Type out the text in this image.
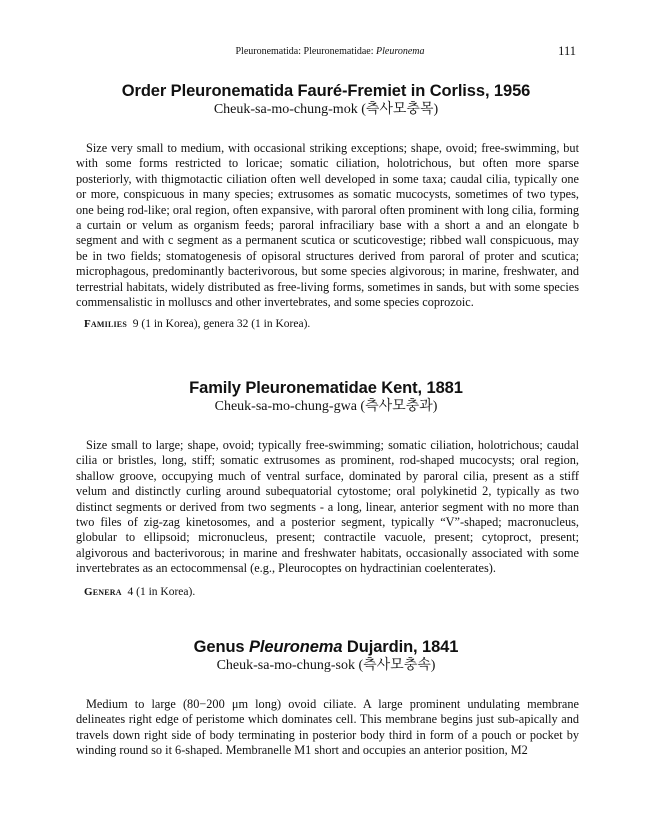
Pleuronematida: Pleuronematidae: Pleuronema	111
Order Pleuronematida Fauré-Fremiet in Corliss, 1956
Cheuk-sa-mo-chung-mok (측사모충목)

Size very small to medium, with occasional striking exceptions; shape, ovoid; free-swimming, but with some forms restricted to loricae; somatic ciliation, holotrichous, but often more sparse posteriorly, with thigmotactic ciliation often well developed in some taxa; caudal cilia, typically one or more, conspicuous in many species; extrusomes as somatic mucocysts, sometimes of two types, one being rod-like; oral region, often expansive, with paroral often prominent with long cilia, forming a curtain or velum as organism feeds; paroral infraciliary base with a short a and an elongate b segment and with c segment as a permanent scutica or scuticovestige; ribbed wall conspicuous, may be in two fields; stomatogenesis of opisoral structures derived from paroral of proter and scutica; microphagous, predominantly bacterivorous, but some species algivorous; in marine, freshwater, and terrestrial habitats, widely distributed as free-living forms, sometimes in sands, but with some species commensalistic in molluscs and other invertebrates, and some species coprozoic.

Families 9 (1 in Korea), genera 32 (1 in Korea).
Family Pleuronematidae Kent, 1881
Cheuk-sa-mo-chung-gwa (측사모충과)

Size small to large; shape, ovoid; typically free-swimming; somatic ciliation, holotrichous; caudal cilia or bristles, long, stiff; somatic extrusomes as prominent, rod-shaped mucocysts; oral region, shallow groove, occupying much of ventral surface, dominated by paroral cilia, present as a stiff velum and distinctly curling around subequatorial cytostome; oral polykinetid 2, typically as two distinct segments or derived from two segments - a long, linear, anterior segment with no more than two files of zig-zag kinetosomes, and a posterior segment, typically “V”-shaped; macronucleus, globular to ellipsoid; micronucleus, present; contractile vacuole, present; cytoproct, present; algivorous and bacterivorous; in marine and freshwater habitats, occasionally associated with some invertebrates as an ectocommensal (e.g., Pleurocoptes on hydractinian coelenterates).

Genera 4 (1 in Korea).
Genus Pleuronema Dujardin, 1841
Cheuk-sa-mo-chung-sok (측사모충속)

Medium to large (80−200 μm long) ovoid ciliate. A large prominent undulating membrane delineates right edge of peristome which dominates cell. This membrane begins just sub-apically and travels down right side of body terminating in posterior body third in form of a pouch or pocket by winding round so it 6-shaped. Membranelle M1 short and occupies an anterior position, M2
